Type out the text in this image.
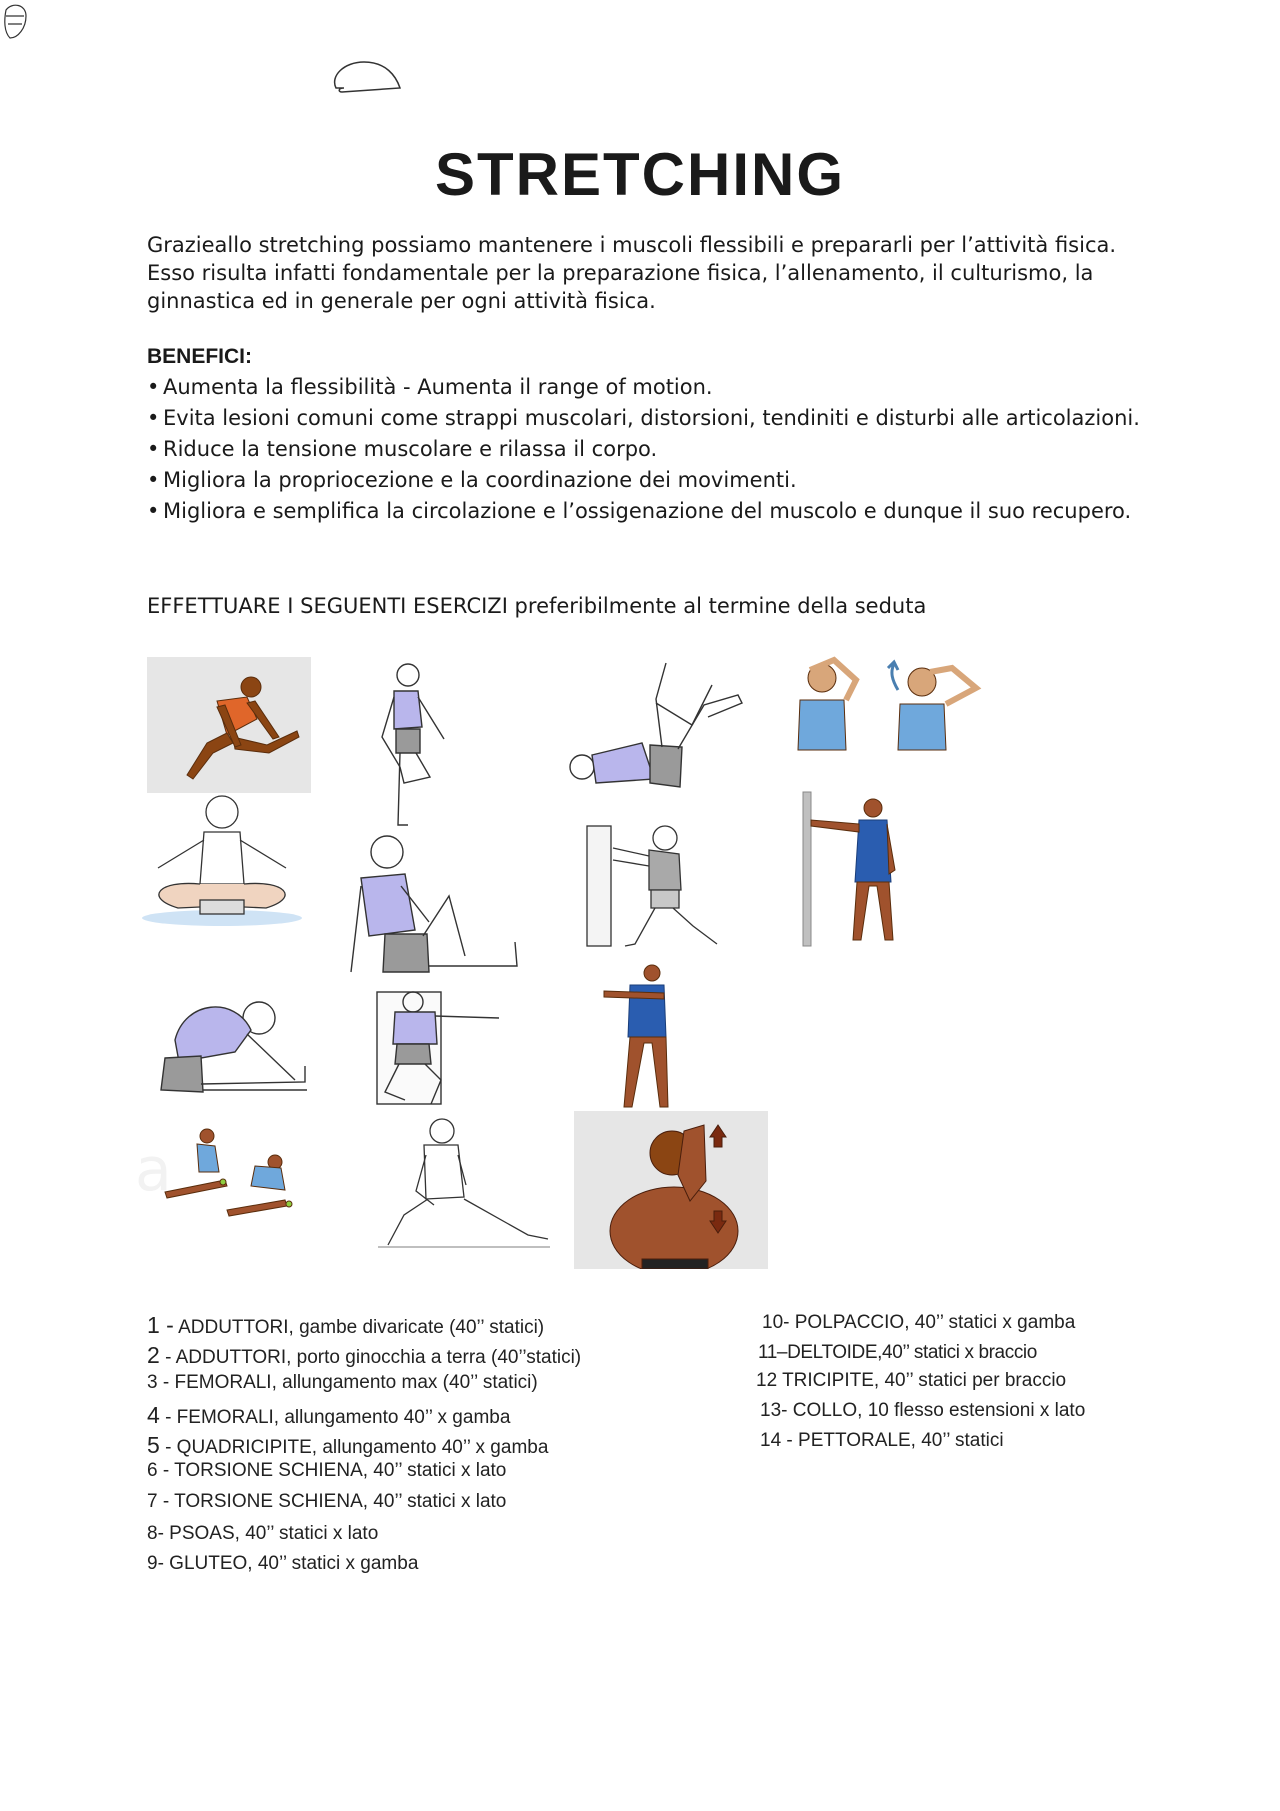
STRETCHING

Grazieallo stretching possiamo mantenere i muscoli flessibili e prepararli per l’attività fisica. Esso risulta infatti fondamentale per la preparazione fisica, l’allenamento, il culturismo, la ginnastica ed in generale per ogni attività fisica.

BENEFICI:
• Aumenta la flessibilità - Aumenta il range of motion.
• Evita lesioni comuni come strappi muscolari, distorsioni, tendiniti e disturbi alle articolazioni.
• Riduce la tensione muscolare e rilassa il corpo.
• Migliora la propriocezione e la coordinazione dei movimenti.
• Migliora e semplifica la circolazione e l’ossigenazione del muscolo e dunque il suo recupero.
EFFETTUARE I SEGUENTI ESERCIZI preferibilmente al termine della seduta
a
1 - ADDUTTORI, gambe divaricate (40’’ statici)
2 - ADDUTTORI, porto ginocchia a terra (40’’statici)
3 - FEMORALI, allungamento max (40’’ statici)
4 - FEMORALI, allungamento 40’’ x gamba
5 - QUADRICIPITE, allungamento 40’’ x gamba
6 - TORSIONE SCHIENA, 40’’ statici x lato
7 - TORSIONE SCHIENA, 40’’ statici x lato
8- PSOAS, 40’’ statici x lato
9- GLUTEO, 40’’ statici x gamba
10- POLPACCIO, 40’’ statici x gamba
11–DELTOIDE,40’’ statici x braccio
12 TRICIPITE, 40’’ statici per braccio
13- COLLO, 10 flesso estensioni x lato
14 - PETTORALE, 40’’ statici
